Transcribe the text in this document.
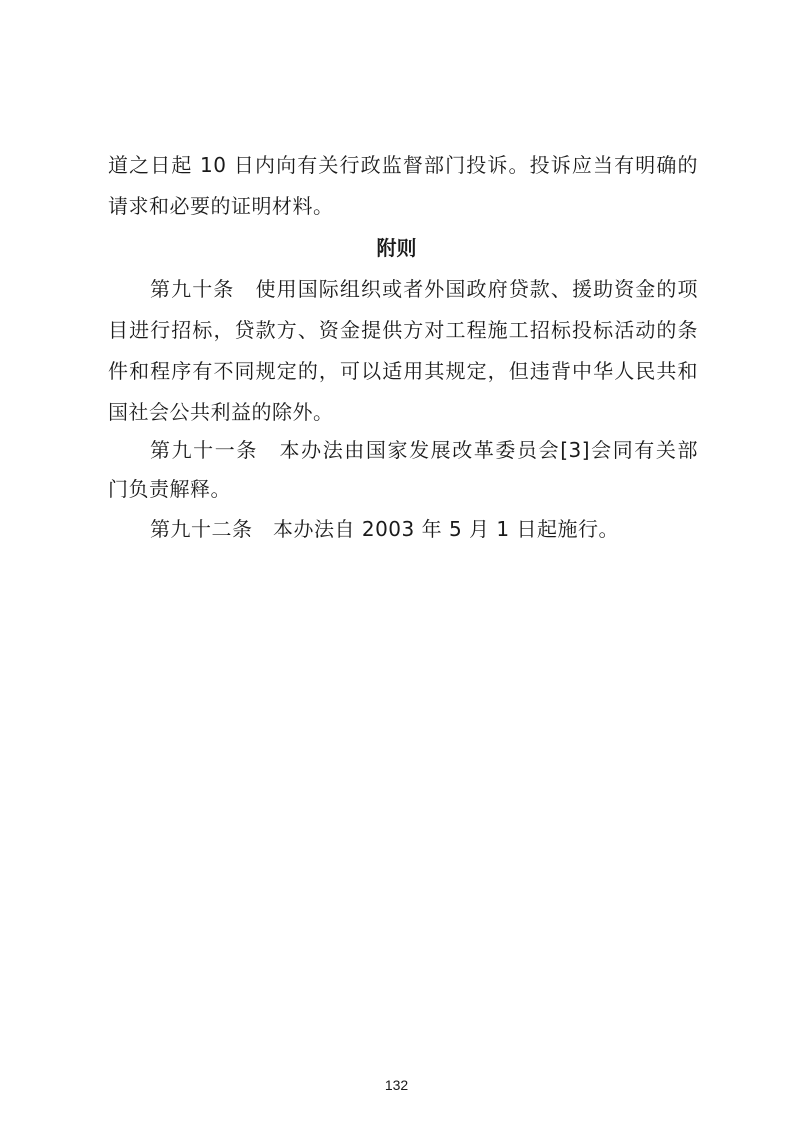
道之日起 10 日内向有关行政监督部门投诉。投诉应当有明确的
请求和必要的证明材料。
附则
第九十条　使用国际组织或者外国政府贷款、援助资金的项
目进行招标，贷款方、资金提供方对工程施工招标投标活动的条
件和程序有不同规定的，可以适用其规定，但违背中华人民共和
国社会公共利益的除外。
第九十一条　本办法由国家发展改革委员会[3]会同有关部
门负责解释。
第九十二条　本办法自 2003 年 5 月 1 日起施行。
132
